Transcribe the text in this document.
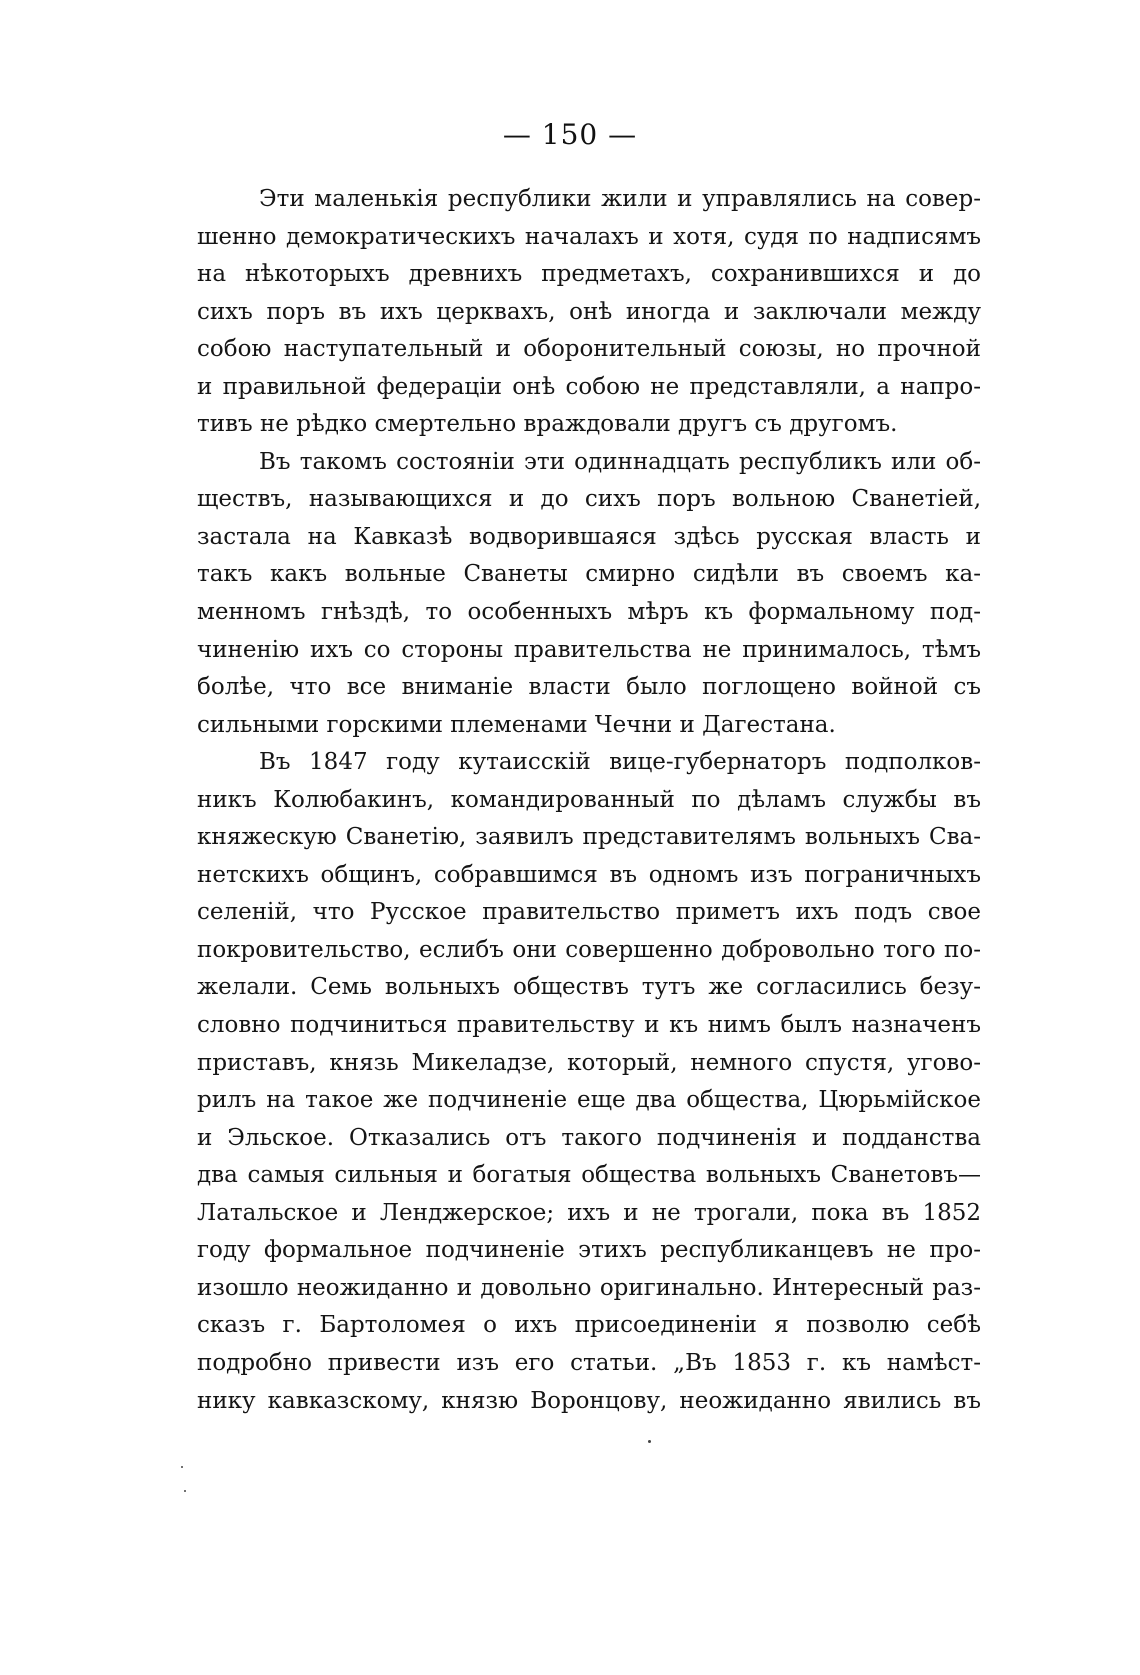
— 150 —
Эти маленькія республики жили и управлялись на совер-
шенно демократическихъ началахъ и хотя, судя по надписямъ
на нѣкоторыхъ древнихъ предметахъ, сохранившихся и до
сихъ поръ въ ихъ церквахъ, онѣ иногда и заключали между
собою наступательный и оборонительный союзы, но прочной
и правильной федераціи онѣ собою не представляли, а напро-
тивъ не рѣдко смертельно враждовали другъ съ другомъ.
Въ такомъ состояніи эти одиннадцать республикъ или об-
ществъ, называющихся и до сихъ поръ вольною Сванетіей,
застала на Кавказѣ водворившаяся здѣсь русская власть и
такъ какъ вольные Сванеты смирно сидѣли въ своемъ ка-
менномъ гнѣздѣ, то особенныхъ мѣръ къ формальному под-
чиненію ихъ со стороны правительства не принималось, тѣмъ
болѣе, что все вниманіе власти было поглощено войной съ
сильными горскими племенами Чечни и Дагестана.
Въ 1847 году кутаисскій вице-губернаторъ подполков-
никъ Колюбакинъ, командированный по дѣламъ службы въ
княжескую Сванетію, заявилъ представителямъ вольныхъ Сва-
нетскихъ общинъ, собравшимся въ одномъ изъ пограничныхъ
селеній, что Русское правительство приметъ ихъ подъ свое
покровительство, еслибъ они совершенно добровольно того по-
желали. Семь вольныхъ обществъ тутъ же согласились безу-
словно подчиниться правительству и къ нимъ былъ назначенъ
приставъ, князь Микеладзе, который, немного спустя, угово-
рилъ на такое же подчиненіе еще два общества, Цюрьмійское
и Эльское. Отказались отъ такого подчиненія и подданства
два самыя сильныя и богатыя общества вольныхъ Сванетовъ—
Латальское и Ленджерское; ихъ и не трогали, пока въ 1852
году формальное подчиненіе этихъ республиканцевъ не про-
изошло неожиданно и довольно оригинально. Интересный раз-
сказъ г. Бартоломея о ихъ присоединеніи я позволю себѣ
подробно привести изъ его статьи. „Въ 1853 г. къ намѣст-
нику кавказскому, князю Воронцову, неожиданно явились въ
